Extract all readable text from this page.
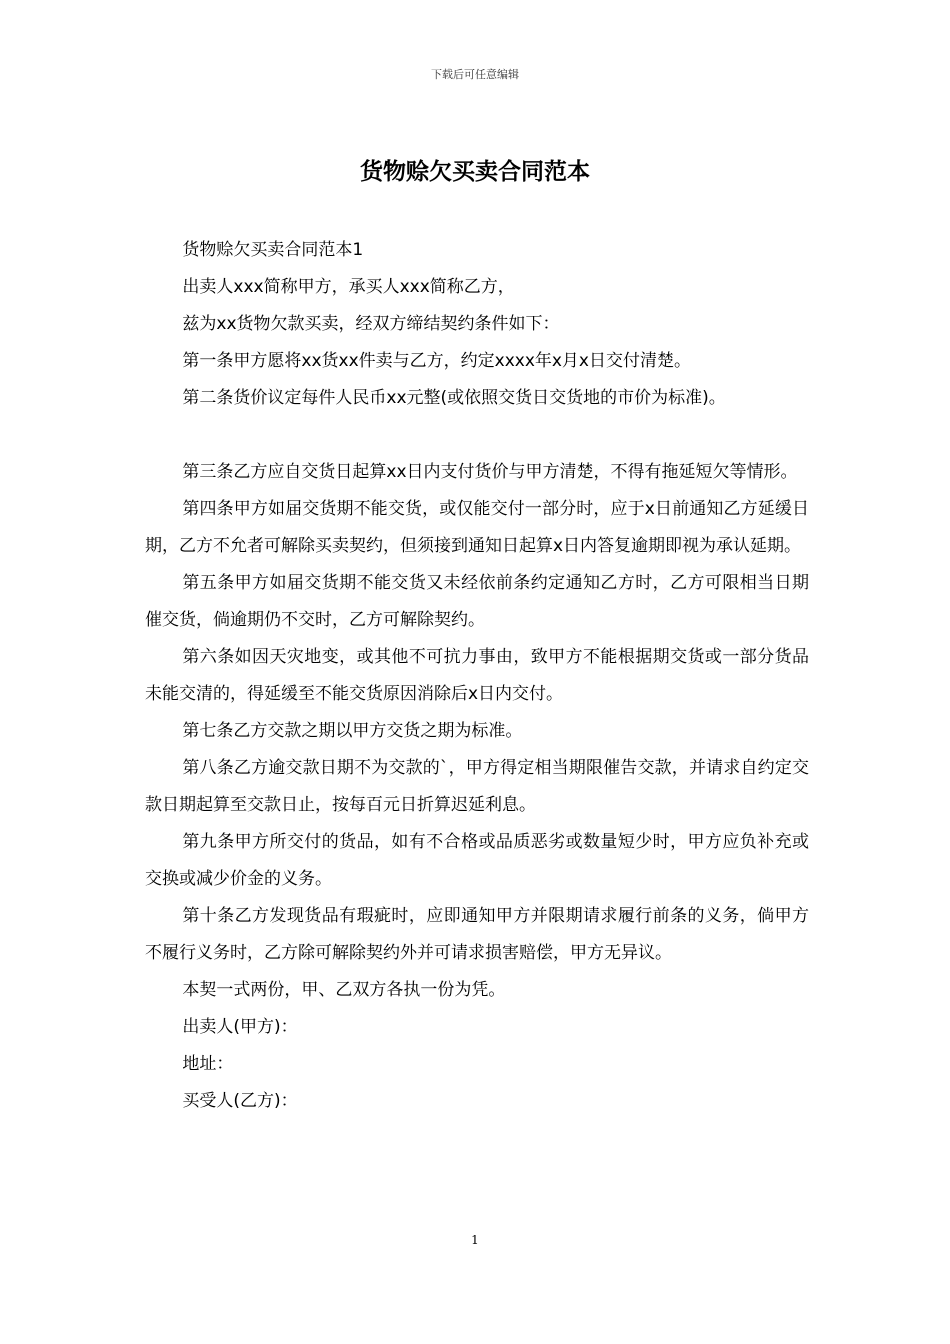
下载后可任意编辑
货物赊欠买卖合同范本

货物赊欠买卖合同范本1

出卖人xxx简称甲方，承买人xxx简称乙方，

兹为xx货物欠款买卖，经双方缔结契约条件如下：

第一条甲方愿将xx货xx件卖与乙方，约定xxxx年x月x日交付清楚。

第二条货价议定每件人民币xx元整(或依照交货日交货地的市价为标准)。

第三条乙方应自交货日起算xx日内支付货价与甲方清楚，不得有拖延短欠等情形。

第四条甲方如届交货期不能交货，或仅能交付一部分时，应于x日前通知乙方延缓日期，乙方不允者可解除买卖契约，但须接到通知日起算x日内答复逾期即视为承认延期。

第五条甲方如届交货期不能交货又未经依前条约定通知乙方时，乙方可限相当日期催交货，倘逾期仍不交时，乙方可解除契约。

第六条如因天灾地变，或其他不可抗力事由，致甲方不能根据期交货或一部分货品未能交清的，得延缓至不能交货原因消除后x日内交付。

第七条乙方交款之期以甲方交货之期为标准。

第八条乙方逾交款日期不为交款的`，甲方得定相当期限催告交款，并请求自约定交款日期起算至交款日止，按每百元日折算迟延利息。

第九条甲方所交付的货品，如有不合格或品质恶劣或数量短少时，甲方应负补充或交换或减少价金的义务。

第十条乙方发现货品有瑕疵时，应即通知甲方并限期请求履行前条的义务，倘甲方不履行义务时，乙方除可解除契约外并可请求损害赔偿，甲方无异议。

本契一式两份，甲、乙双方各执一份为凭。

出卖人(甲方)：

地址：

买受人(乙方)：

1
